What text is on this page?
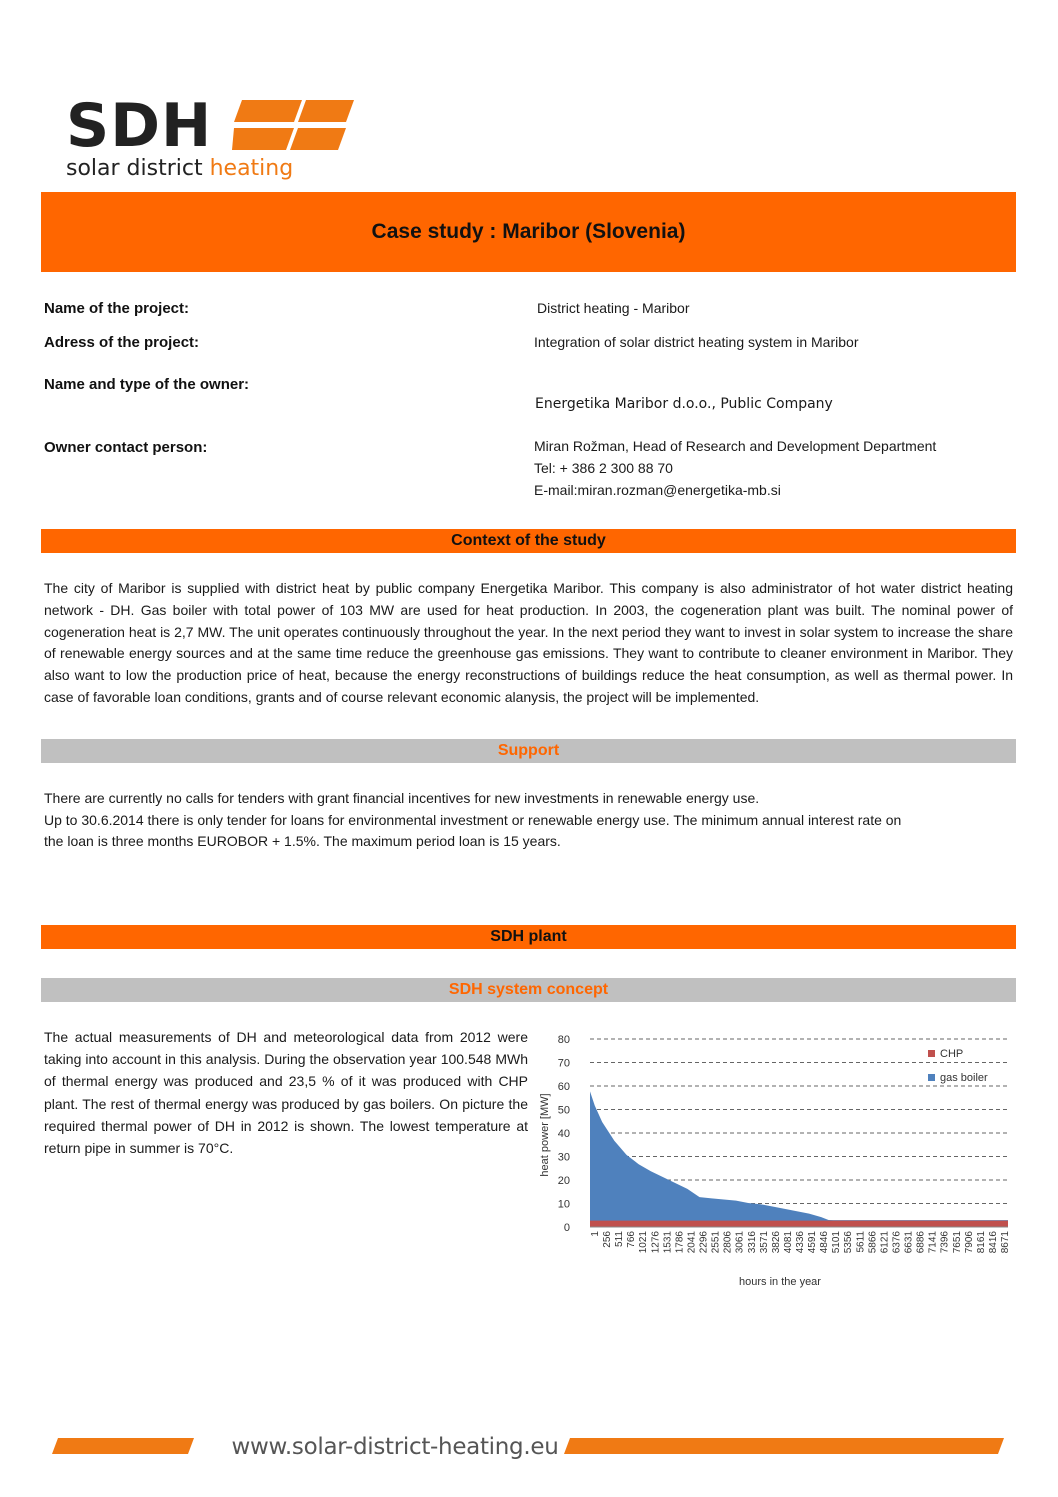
SDH
solar district heating
Case study : Maribor (Slovenia)
Name of the project:	District heating - Maribor
Adress of the project:	Integration of solar district heating system in Maribor
Name and type of the owner:
Energetika Maribor d.o.o., Public Company
Owner contact person:	Miran Rožman, Head of Research and Development Department
Tel: + 386 2 300 88 70
E-mail:miran.rozman@energetika-mb.si
Context of the study

The city of Maribor is supplied with district heat by public company Energetika Maribor. This company is also administrator of hot water district heating network - DH. Gas boiler with total power of 103 MW are used for heat production. In 2003, the cogeneration plant was built. The nominal power of cogeneration heat is 2,7 MW. The unit operates continuously throughout the year. In the next period they want to invest in solar system to increase the share of renewable energy sources and at the same time reduce the greenhouse gas emissions. They want to contribute to cleaner environment in Maribor. They also want to low the production price of heat, because the energy reconstructions of buildings reduce the heat consumption, as well as thermal power. In case of favorable loan conditions, grants and of course relevant economic alanysis, the project will be implemented.

Support
There are currently no calls for tenders with grant financial incentives for new investments in renewable energy use.
Up to 30.6.2014 there is only tender for loans for environmental investment or renewable energy use. The minimum annual interest rate on
the loan is three months EUROBOR + 1.5%. The maximum period loan is 15 years.
SDH plant
SDH system concept

The actual measurements of DH and meteorological data from 2012 were taking into account in this analysis. During the observation year 100.548 MWh of thermal energy was produced and 23,5 % of it was produced with CHP plant. The rest of thermal energy was produced by gas boilers. On picture the required thermal power of DH in 2012 is shown. The lowest temperature at return pipe in summer is 70°C.

0
10
20
30
40
50
60
70
80
1 256 511 766 1021 1276 1531 1786 2041 2296 2551 2806 3061 3316 3571 3826 4081 4336 4591 4846 5101 5356 5611 5866 6121 6376 6631 6886 7141 7396 7651 7906 8161 8416 8671
hours in the year
heat power [MW]
CHP
gas boiler
www.solar-district-heating.eu
